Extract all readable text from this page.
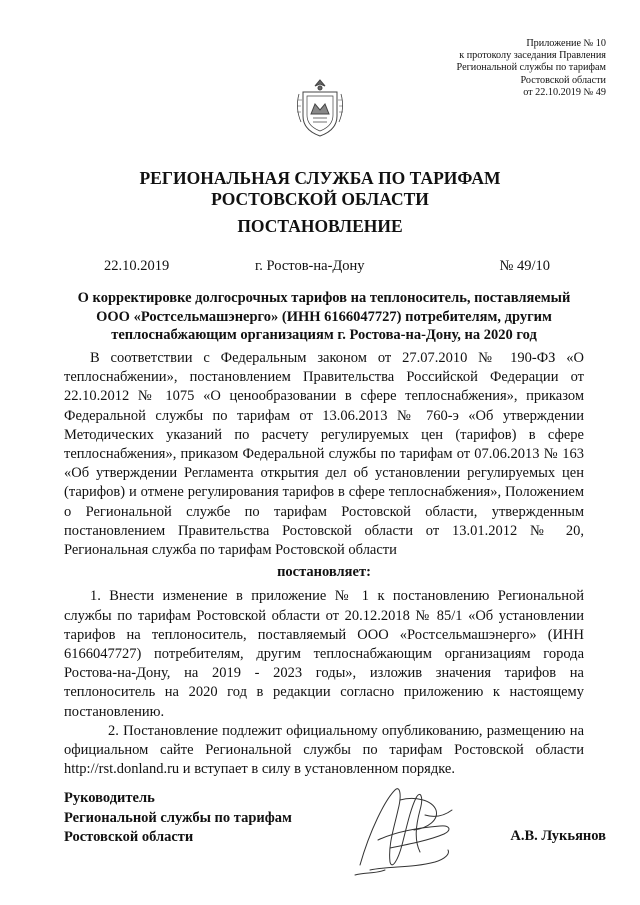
Приложение № 10
к протоколу заседания Правления
Региональной службы по тарифам
Ростовской области
от 22.10.2019 № 49
РЕГИОНАЛЬНАЯ СЛУЖБА ПО ТАРИФАМ
РОСТОВСКОЙ ОБЛАСТИ
ПОСТАНОВЛЕНИЕ
22.10.2019	г. Ростов-на-Дону	№ 49/10
О корректировке долгосрочных тарифов на теплоноситель, поставляемый ООО «Ростсельмашэнерго» (ИНН 6166047727) потребителям, другим теплоснабжающим организациям г. Ростова-на-Дону, на 2020 год

В соответствии с Федеральным законом от 27.07.2010 № 190-ФЗ «О теплоснабжении», постановлением Правительства Российской Федерации от 22.10.2012 № 1075 «О ценообразовании в сфере теплоснабжения», приказом Федеральной службы по тарифам от 13.06.2013 № 760-э «Об утверждении Методических указаний по расчету регулируемых цен (тарифов) в сфере теплоснабжения», приказом Федеральной службы по тарифам от 07.06.2013 № 163 «Об утверждении Регламента открытия дел об установлении регулируемых цен (тарифов) и отмене регулирования тарифов в сфере теплоснабжения», Положением о Региональной службе по тарифам Ростовской области, утвержденным постановлением Правительства Ростовской области от 13.01.2012 № 20, Региональная служба по тарифам Ростовской области

постановляет:

1. Внести изменение в приложение № 1 к постановлению Региональной службы по тарифам Ростовской области от 20.12.2018 № 85/1 «Об установлении тарифов на теплоноситель, поставляемый ООО «Ростсельмашэнерго» (ИНН 6166047727) потребителям, другим теплоснабжающим организациям города Ростова-на-Дону, на 2019 - 2023 годы», изложив значения тарифов на теплоноситель на 2020 год в редакции согласно приложению к настоящему постановлению.

2. Постановление подлежит официальному опубликованию, размещению на официальном сайте Региональной службы по тарифам Ростовской области http://rst.donland.ru и вступает в силу в установленном порядке.

Руководитель
Региональной службы по тарифам
Ростовской области	А.В. Лукьянов
